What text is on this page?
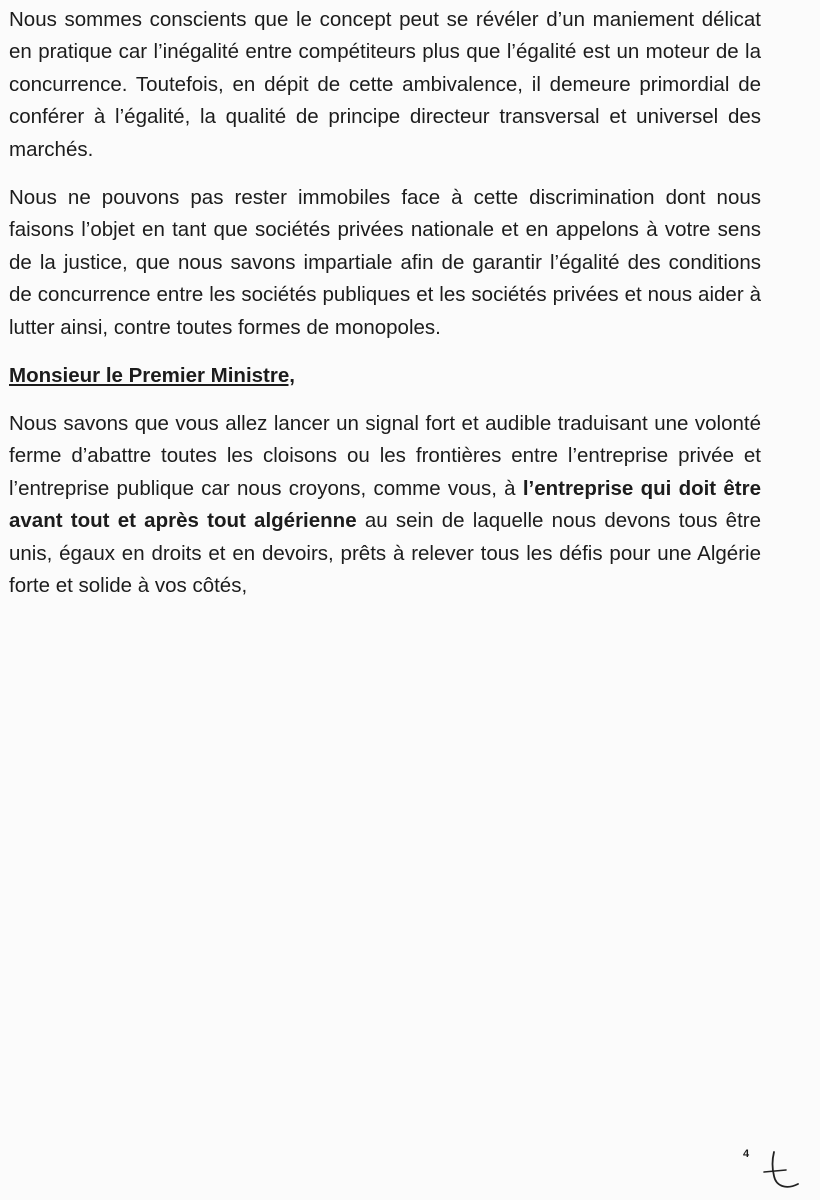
Nous sommes conscients que le concept peut se révéler d’un maniement délicat en pratique car l’inégalité entre compétiteurs plus que l’égalité est un moteur de la concurrence. Toutefois, en dépit de cette ambivalence, il demeure primordial de conférer à l’égalité, la qualité de principe directeur transversal et universel des marchés.

Nous ne pouvons pas rester immobiles face à cette discrimination dont nous faisons l’objet en tant que sociétés privées nationale et en appelons à votre sens de la justice, que nous savons impartiale afin de garantir l’égalité des conditions de concurrence entre les sociétés publiques et les sociétés privées et nous aider à lutter ainsi, contre toutes formes de monopoles.

Monsieur le Premier Ministre,

Nous savons que vous allez lancer un signal fort et audible traduisant une volonté ferme d’abattre toutes les cloisons ou les frontières entre l’entreprise privée et l’entreprise publique car nous croyons, comme vous, à l’entreprise qui doit être avant tout et après tout algérienne au sein de laquelle nous devons tous être unis, égaux en droits et en devoirs, prêts à relever tous les défis pour une Algérie forte et solide à vos côtés,

4
